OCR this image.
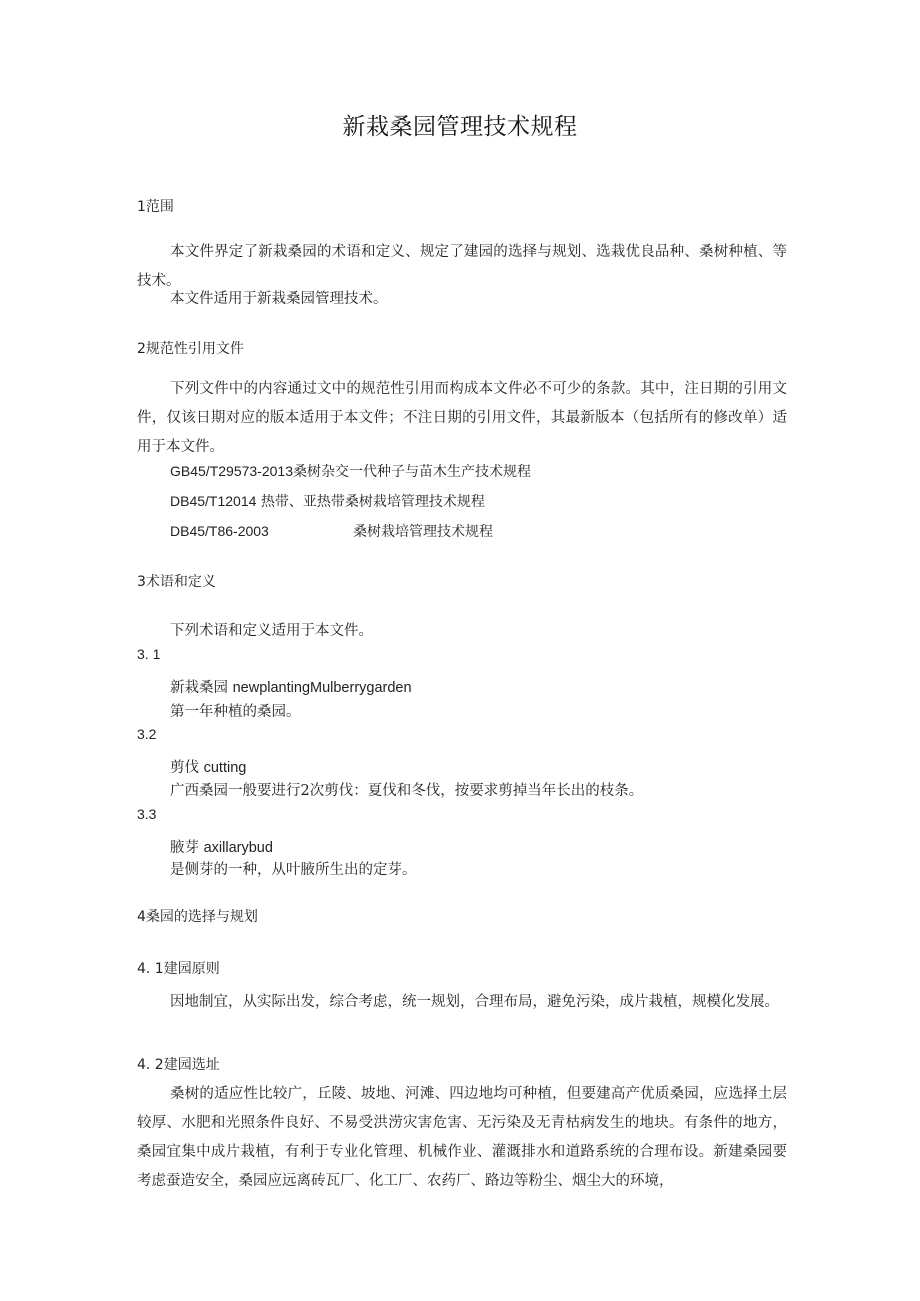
新栽桑园管理技术规程
1范围
本文件界定了新栽桑园的术语和定义、规定了建园的选择与规划、选栽优良品种、桑树种植、等技术。
本文件适用于新栽桑园管理技术。
2规范性引用文件
下列文件中的内容通过文中的规范性引用而构成本文件必不可少的条款。其中，注日期的引用文件，仅该日期对应的版本适用于本文件；不注日期的引用文件，其最新版本（包括所有的修改单）适用于本文件。
GB45/T29573-2013桑树杂交一代种子与苗木生产技术规程
DB45/T12014 热带、亚热带桑树栽培管理技术规程
DB45/T86-2003	桑树栽培管理技术规程
3术语和定义
下列术语和定义适用于本文件。
3. 1
新栽桑园 newplantingMulberrygarden
第一年种植的桑园。
3.2
剪伐 cutting
广西桑园一般要进行2次剪伐：夏伐和冬伐，按要求剪掉当年长出的枝条。
3.3
腋芽 axillarybud
是侧芽的一种，从叶腋所生出的定芽。
4桑园的选择与规划
4. 1建园原则
因地制宜，从实际出发，综合考虑，统一规划，合理布局，避免污染，成片栽植，规模化发展。
4. 2建园选址
桑树的适应性比较广，丘陵、坡地、河滩、四边地均可种植，但要建高产优质桑园，应选择土层较厚、水肥和光照条件良好、不易受洪涝灾害危害、无污染及无青枯病发生的地块。有条件的地方，桑园宜集中成片栽植，有利于专业化管理、机械作业、灌溉排水和道路系统的合理布设。新建桑园要考虑蚕造安全，桑园应远离砖瓦厂、化工厂、农药厂、路边等粉尘、烟尘大的环境，
